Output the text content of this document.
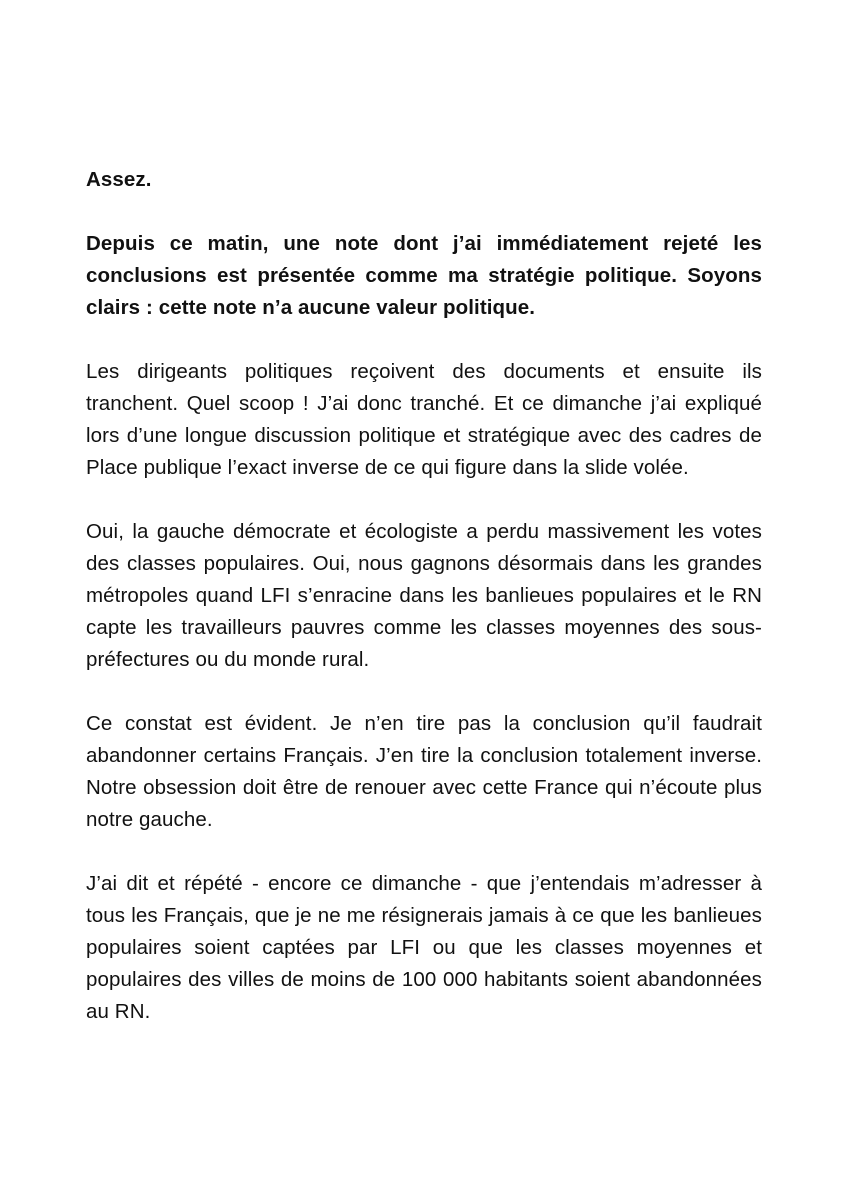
Assez.

Depuis ce matin, une note dont j’ai immédiatement rejeté les conclusions est présentée comme ma stratégie politique. Soyons clairs : cette note n’a aucune valeur politique.

Les dirigeants politiques reçoivent des documents et ensuite ils tranchent. Quel scoop ! J’ai donc tranché. Et ce dimanche j’ai expliqué lors d’une longue discussion politique et stratégique avec des cadres de Place publique l’exact inverse de ce qui figure dans la slide volée.

Oui, la gauche démocrate et écologiste a perdu massivement les votes des classes populaires. Oui, nous gagnons désormais dans les grandes métropoles quand LFI s’enracine dans les banlieues populaires et le RN capte les travailleurs pauvres comme les classes moyennes des sous-préfectures ou du monde rural.

Ce constat est évident. Je n’en tire pas la conclusion qu’il faudrait abandonner certains Français. J’en tire la conclusion totalement inverse. Notre obsession doit être de renouer avec cette France qui n’écoute plus notre gauche.

J’ai dit et répété - encore ce dimanche - que j’entendais m’adresser à tous les Français, que je ne me résignerais jamais à ce que les banlieues populaires soient captées par LFI ou que les classes moyennes et populaires des villes de moins de 100 000 habitants soient abandonnées au RN.
